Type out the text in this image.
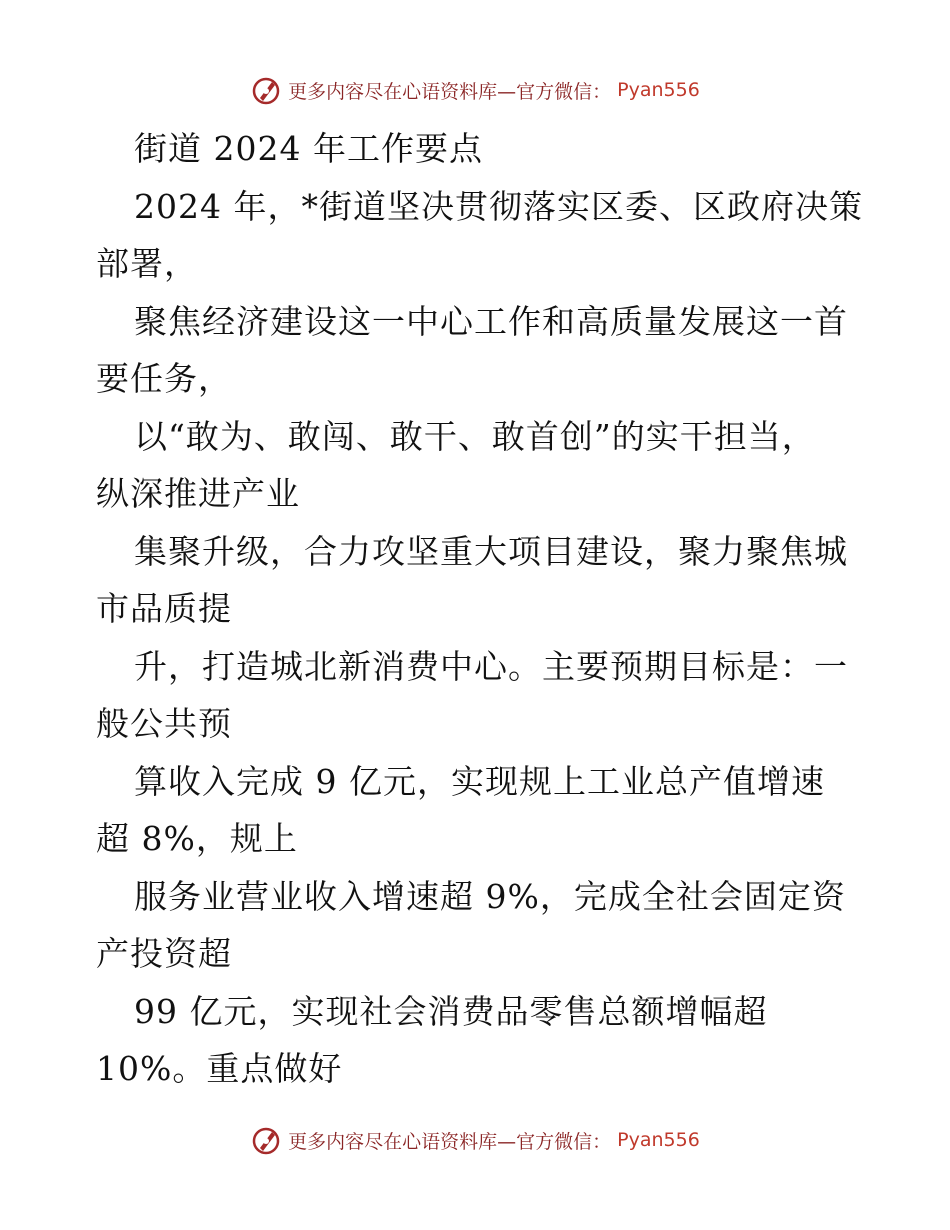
更多内容尽在心语资料库—官方微信： Pyan556
街道 2024 年工作要点
2024 年，*街道坚决贯彻落实区委、区政府决策
部署，
聚焦经济建设这一中心工作和高质量发展这一首
要任务，
以“敢为、敢闯、敢干、敢首创”的实干担当，
纵深推进产业
集聚升级，合力攻坚重大项目建设，聚力聚焦城
市品质提
升，打造城北新消费中心。主要预期目标是：一
般公共预
算收入完成 9 亿元，实现规上工业总产值增速
超 8%，规上
服务业营业收入增速超 9%，完成全社会固定资
产投资超
99 亿元，实现社会消费品零售总额增幅超
10%。重点做好
更多内容尽在心语资料库—官方微信： Pyan556
